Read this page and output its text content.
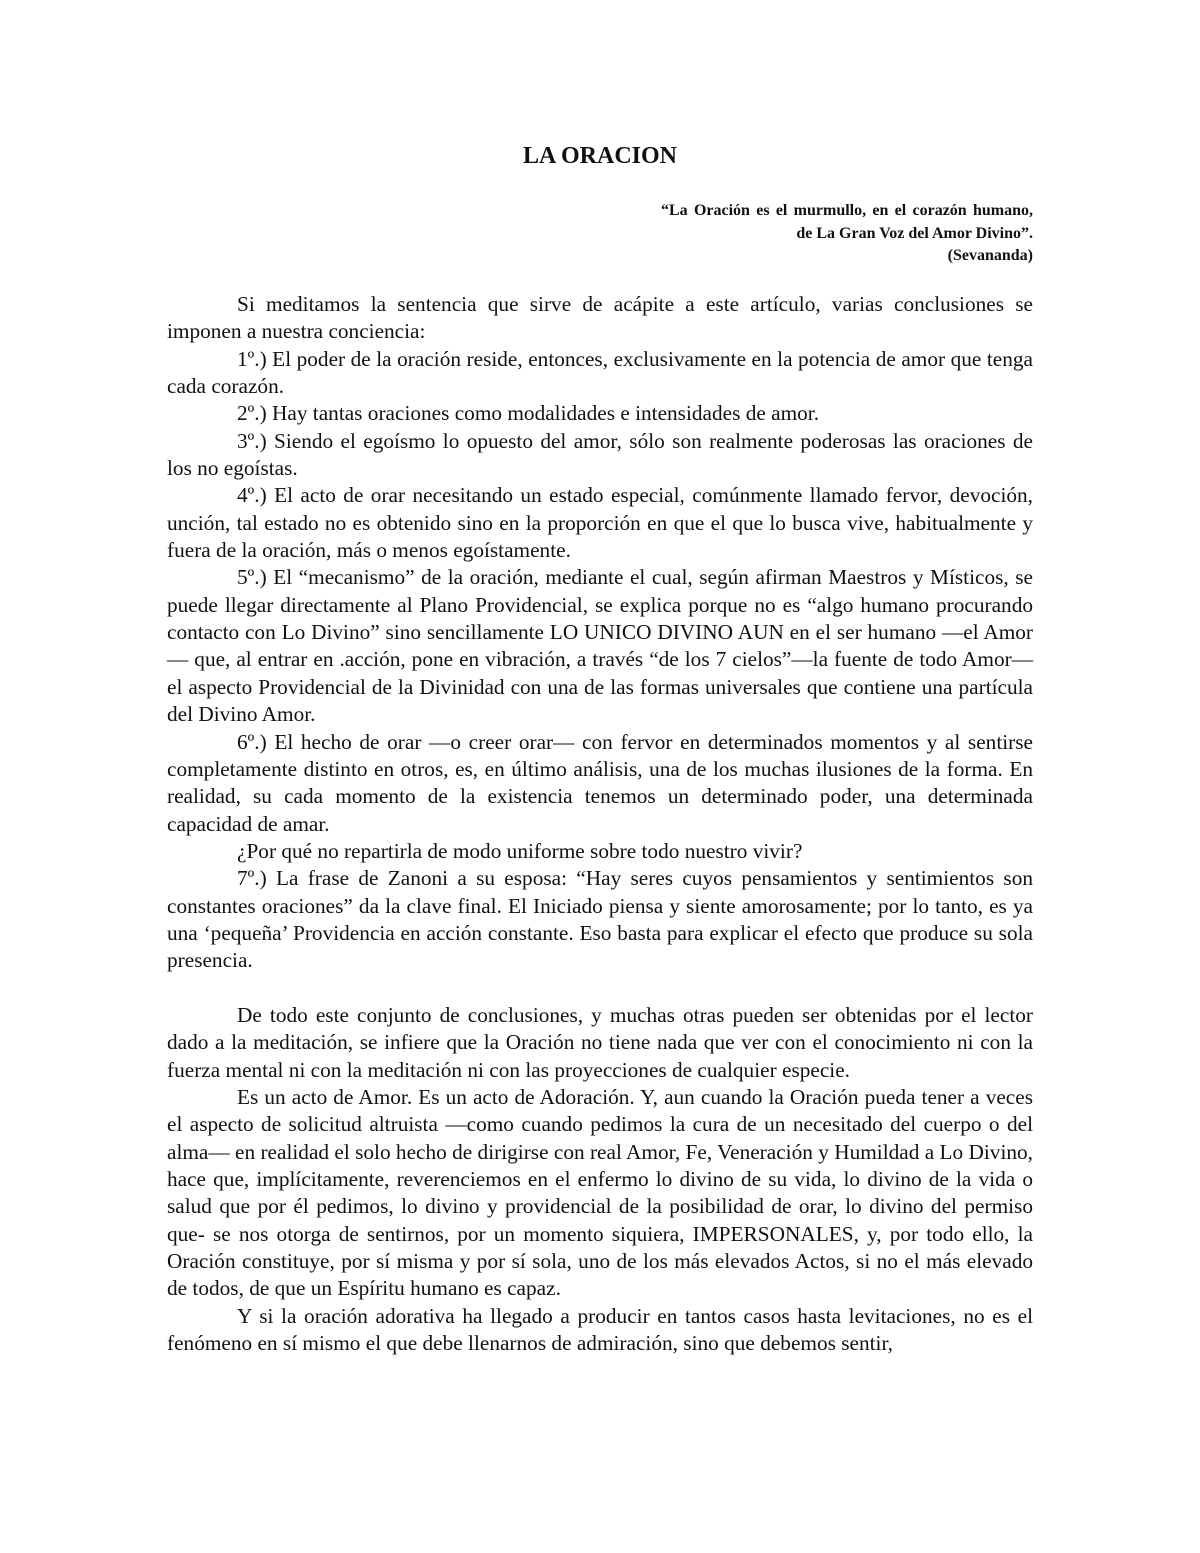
LA ORACION

“La Oración es el murmullo, en el corazón humano, de La Gran Voz del Amor Divino”.

(Sevananda)

Si meditamos la sentencia que sirve de acápite a este artículo, varias conclusiones se imponen a nuestra conciencia:

1º.) El poder de la oración reside, entonces, exclusivamente en la potencia de amor que tenga cada corazón.

2º.) Hay tantas oraciones como modalidades e intensidades de amor.

3º.) Siendo el egoísmo lo opuesto del amor, sólo son realmente poderosas las oraciones de los no egoístas.

4º.) El acto de orar necesitando un estado especial, comúnmente llamado fervor, devoción, unción, tal estado no es obtenido sino en la proporción en que el que lo busca vive, habitualmente y fuera de la oración, más o menos egoístamente.

5º.) El “mecanismo” de la oración, mediante el cual, según afirman Maestros y Místicos, se puede llegar directamente al Plano Providencial, se explica porque no es “algo humano procurando contacto con Lo Divino” sino sencillamente LO UNICO DIVINO AUN en el ser humano —el Amor— que, al entrar en .acción, pone en vibración, a través “de los 7 cielos”—la fuente de todo Amor— el aspecto Providencial de la Divinidad con una de las formas universales que contiene una partícula del Divino Amor.

6º.) El hecho de orar —o creer orar— con fervor en determinados momentos y al sentirse completamente distinto en otros, es, en último análisis, una de los muchas ilusiones de la forma. En realidad, su cada momento de la existencia tenemos un determinado poder, una determinada capacidad de amar.

¿Por qué no repartirla de modo uniforme sobre todo nuestro vivir?

7º.) La frase de Zanoni a su esposa: “Hay seres cuyos pensamientos y sentimientos son constantes oraciones” da la clave final. El Iniciado piensa y siente amorosamente; por lo tanto, es ya una ‘pequeña’ Providencia en acción constante. Eso basta para explicar el efecto que produce su sola presencia.

De todo este conjunto de conclusiones, y muchas otras pueden ser obtenidas por el lector dado a la meditación, se infiere que la Oración no tiene nada que ver con el conocimiento ni con la fuerza mental ni con la meditación ni con las proyecciones de cualquier especie.

Es un acto de Amor. Es un acto de Adoración. Y, aun cuando la Oración pueda tener a veces el aspecto de solicitud altruista —como cuando pedimos la cura de un necesitado del cuerpo o del alma— en realidad el solo hecho de dirigirse con real Amor, Fe, Veneración y Humildad a Lo Divino, hace que, implícitamente, reverenciemos en el enfermo lo divino de su vida, lo divino de la vida o salud que por él pedimos, lo divino y providencial de la posibilidad de orar, lo divino del permiso que- se nos otorga de sentirnos, por un momento siquiera, IMPERSONALES, y, por todo ello, la Oración constituye, por sí misma y por sí sola, uno de los más elevados Actos, si no el más elevado de todos, de que un Espíritu humano es capaz.

Y si la oración adorativa ha llegado a producir en tantos casos hasta levitaciones, no es el fenómeno en sí mismo el que debe llenarnos de admiración, sino que debemos sentir,
